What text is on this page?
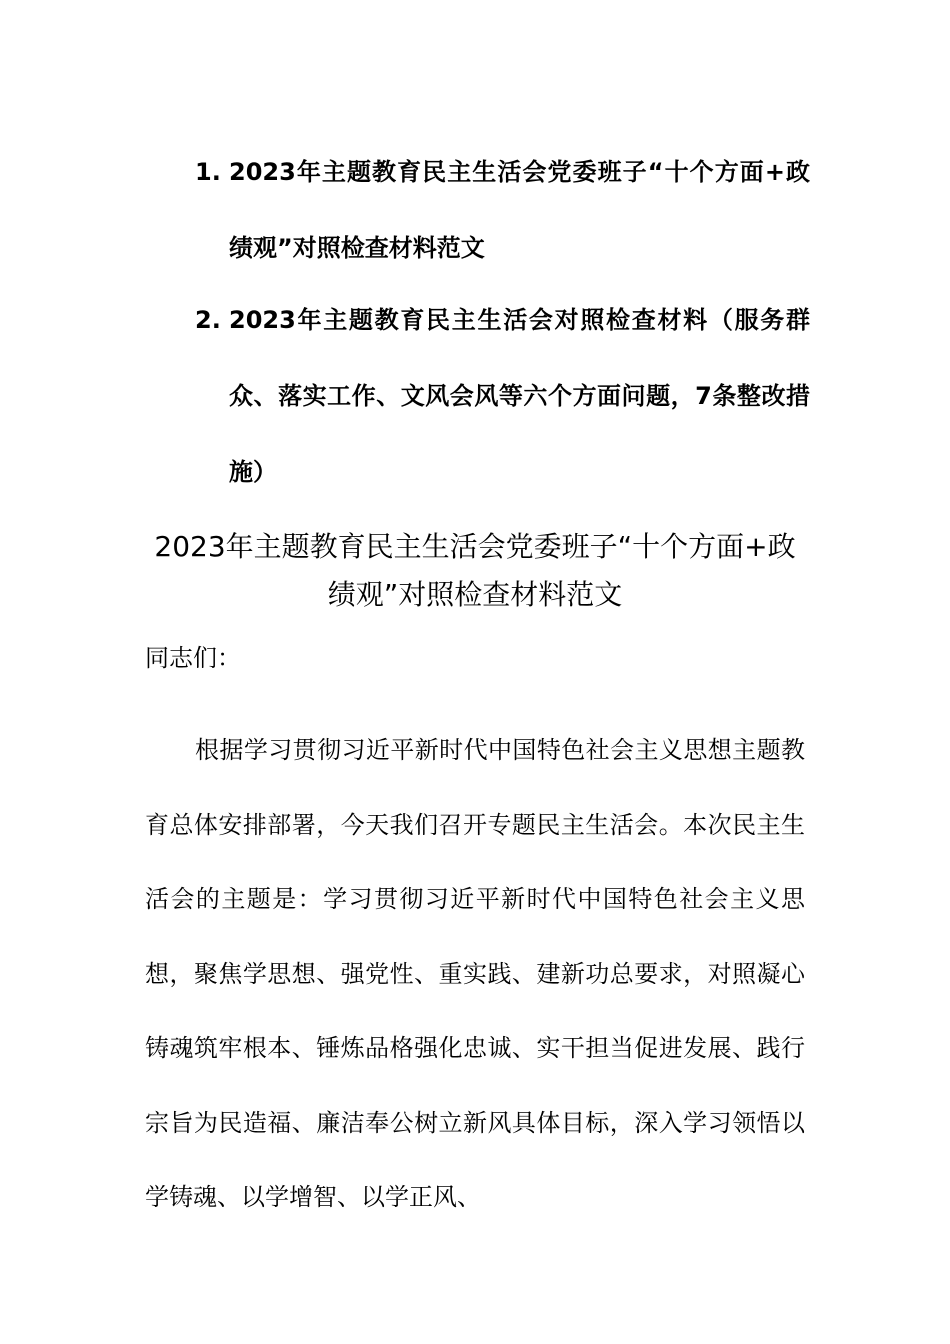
1. 2023年主题教育民主生活会党委班子“十个方面+政绩观”对照检查材料范文
2. 2023年主题教育民主生活会对照检查材料（服务群众、落实工作、文风会风等六个方面问题，7条整改措施）
2023年主题教育民主生活会党委班子“十个方面+政绩观”对照检查材料范文

同志们：

根据学习贯彻习近平新时代中国特色社会主义思想主题教育总体安排部署，今天我们召开专题民主生活会。本次民主生活会的主题是：学习贯彻习近平新时代中国特色社会主义思想，聚焦学思想、强党性、重实践、建新功总要求，对照凝心铸魂筑牢根本、锤炼品格强化忠诚、实干担当促进发展、践行宗旨为民造福、廉洁奉公树立新风具体目标，深入学习领悟以学铸魂、以学增智、以学正风、
